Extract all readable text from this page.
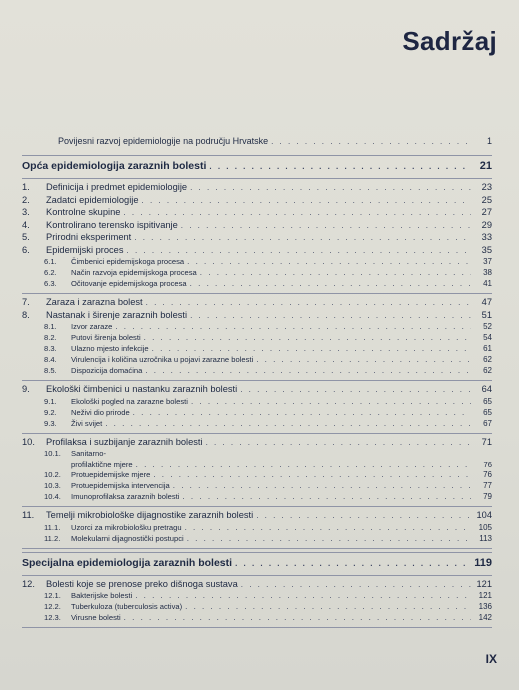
Sadržaj
Povijesni razvoj epidemiologije na području Hrvatske . . .	1
Opća epidemiologija zaraznih bolesti . . .	21
1. Definicija i predmet epidemiologije . . .	23
2. Zadatci epidemiologije . . .	25
3. Kontrolne skupine . . .	27
4. Kontrolirano terensko ispitivanje . . .	29
5. Prirodni eksperiment . . .	33
6. Epidemijski proces . . .	35
6.1. Čimbenici epidemijskoga procesa . . .	37
6.2. Način razvoja epidemijskoga procesa . . .	38
6.3. Očitovanje epidemijskoga procesa . . .	41
7. Zaraza i zarazna bolest . . .	47
8. Nastanak i širenje zaraznih bolesti . . .	51
8.1. Izvor zaraze . . .	52
8.2. Putovi širenja bolesti . . .	54
8.3. Ulazno mjesto infekcije . . .	61
8.4. Virulencija i količina uzročnika u pojavi zarazne bolesti . . .	62
8.5. Dispozicija domaćina . . .	62
9. Ekološki čimbenici u nastanku zaraznih bolesti . . .	64
9.1. Ekološki pogled na zarazne bolesti . . .	65
9.2. Neživi dio prirode . . .	65
9.3. Živi svijet . . .	67
10. Profilaksa i suzbijanje zaraznih bolesti . . .	71
10.1. Sanitarno-
profilaktične mjere . . .	76
10.2. Protuepidemijske mjere . . .	76
10.3. Protuepidemijska intervencija . . .	77
10.4. Imunoprofilaksa zaraznih bolesti . . .	79
11. Temelji mikrobiološke dijagnostike zaraznih bolesti . . .	104
11.1. Uzorci za mikrobiološku pretragu . . .	105
11.2. Molekularni dijagnostički postupci . . .	113
Specijalna epidemiologija zaraznih bolesti . . .	119
12. Bolesti koje se prenose preko dišnoga sustava . . .	121
12.1. Bakterijske bolesti . . .	121
12.2. Tuberkuloza (tuberculosis activa) . . .	136
12.3. Virusne bolesti . . .	142
IX
